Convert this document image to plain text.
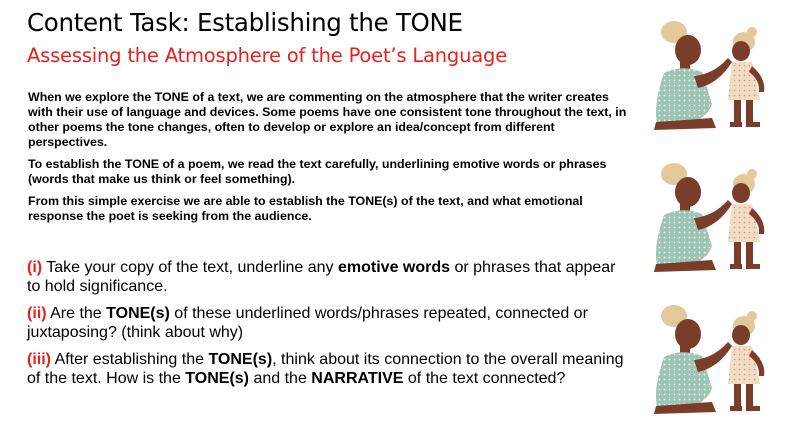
Content Task: Establishing the TONE
Assessing the Atmosphere of the Poet’s Language

When we explore the TONE of a text, we are commenting on the atmosphere that the writer creates with their use of language and devices. Some poems have one consistent tone throughout the text, in other poems the tone changes, often to develop or explore an idea/concept from different perspectives.

To establish the TONE of a poem, we read the text carefully, underlining emotive words or phrases (words that make us think or feel something).

From this simple exercise we are able to establish the TONE(s) of the text, and what emotional response the poet is seeking from the audience.

(i) Take your copy of the text, underline any emotive words or phrases that appear to hold significance.

(ii) Are the TONE(s) of these underlined words/phrases repeated, connected or juxtaposing? (think about why)

(iii) After establishing the TONE(s), think about its connection to the overall meaning of the text. How is the TONE(s) and the NARRATIVE of the text connected?
